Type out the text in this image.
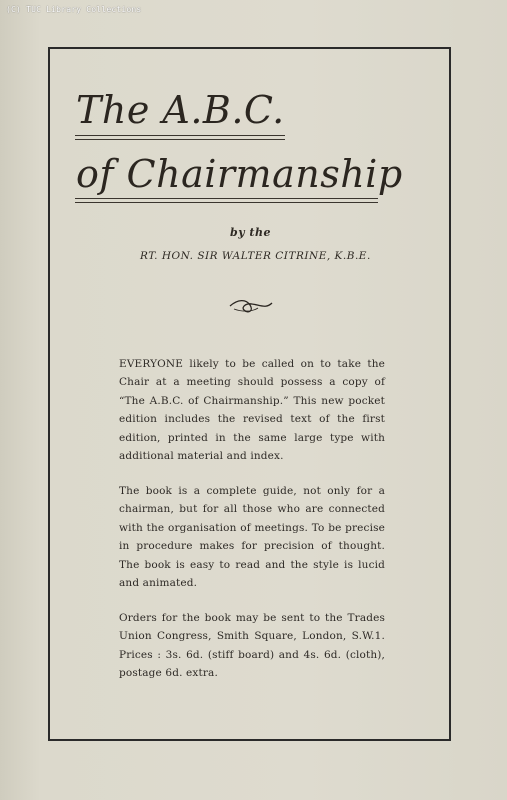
(C) TUC Library Collections
The A.B.C.
of Chairmanship
by the
RT. HON. SIR WALTER CITRINE, K.B.E.
EVERYONE likely to be called on to take the Chair at a meeting should possess a copy of “The A.B.C. of Chairmanship.” This new pocket edition includes the revised text of the first edition, printed in the same large type with additional material and index.
The book is a complete guide, not only for a chairman, but for all those who are connected with the organisation of meetings. To be precise in procedure makes for precision of thought. The book is easy to read and the style is lucid and animated.
Orders for the book may be sent to the Trades Union Congress, Smith Square, London, S.W.1. Prices : 3s. 6d. (stiff board) and 4s. 6d. (cloth), postage 6d. extra.
